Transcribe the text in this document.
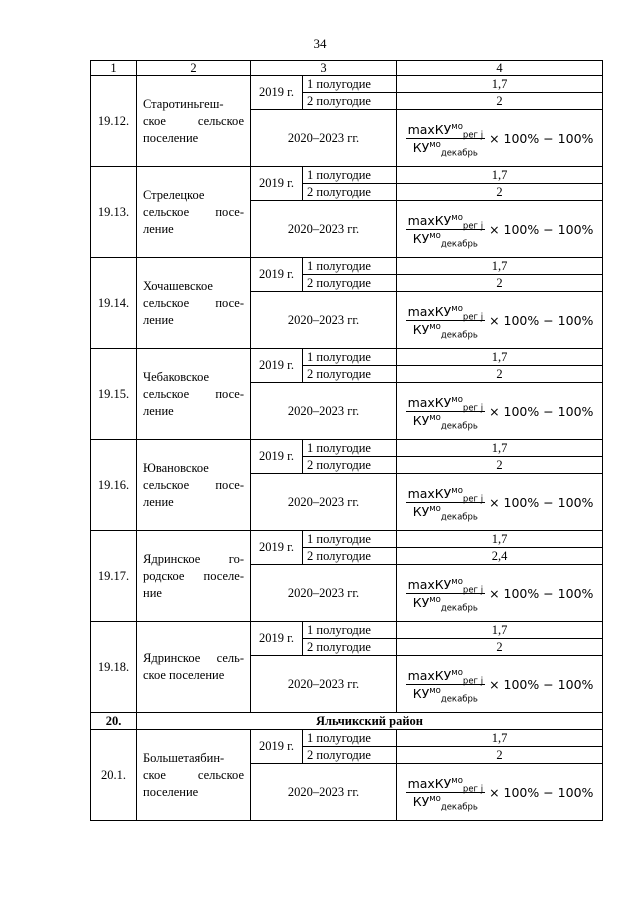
34
1	2	3		4
19.12.	Старотиньгеш-ское сельское поселение	2019 г.	1 полугодие	1,7
			2 полугодие	2
		2020–2023 гг.		$\frac{\max КУ^{мо}_{рег j}}{КУ^{мо}_{декабрь}} \times 100\% - 100\%$

19.13.	Стрелецкое сельское посе-ление	2019 г.	1 полугодие	1,7
			2 полугодие	2
		2020–2023 гг.		$\frac{\max КУ^{мо}_{рег j}}{КУ^{мо}_{декабрь}} \times 100\% - 100\%$

19.14.	Хочашевское сельское посе-ление	2019 г.	1 полугодие	1,7
			2 полугодие	2
		2020–2023 гг.		$\frac{\max КУ^{мо}_{рег j}}{КУ^{мо}_{декабрь}} \times 100\% - 100\%$

19.15.	Чебаковское сельское посе-ление	2019 г.	1 полугодие	1,7
			2 полугодие	2
		2020–2023 гг.		$\frac{\max КУ^{мо}_{рег j}}{КУ^{мо}_{декабрь}} \times 100\% - 100\%$

19.16.	Ювановское сельское посе-ление	2019 г.	1 полугодие	1,7
			2 полугодие	2
		2020–2023 гг.		$\frac{\max КУ^{мо}_{рег j}}{КУ^{мо}_{декабрь}} \times 100\% - 100\%$

19.17.	Ядринское го-родское поселе-ние	2019 г.	1 полугодие	1,7
			2 полугодие	2,4
		2020–2023 гг.		$\frac{\max КУ^{мо}_{рег j}}{КУ^{мо}_{декабрь}} \times 100\% - 100\%$

19.18.	Ядринское сель-ское поселение	2019 г.	1 полугодие	1,7
			2 полугодие	2
		2020–2023 гг.		$\frac{\max КУ^{мо}_{рег j}}{КУ^{мо}_{декабрь}} \times 100\% - 100\%$

20.	Яльчикский район			
20.1.	Большетаябин-ское сельское поселение	2019 г.	1 полугодие	1,7
			2 полугодие	2
		2020–2023 гг.		$\frac{\max КУ^{мо}_{рег j}}{КУ^{мо}_{декабрь}} \times 100\% - 100\%$
